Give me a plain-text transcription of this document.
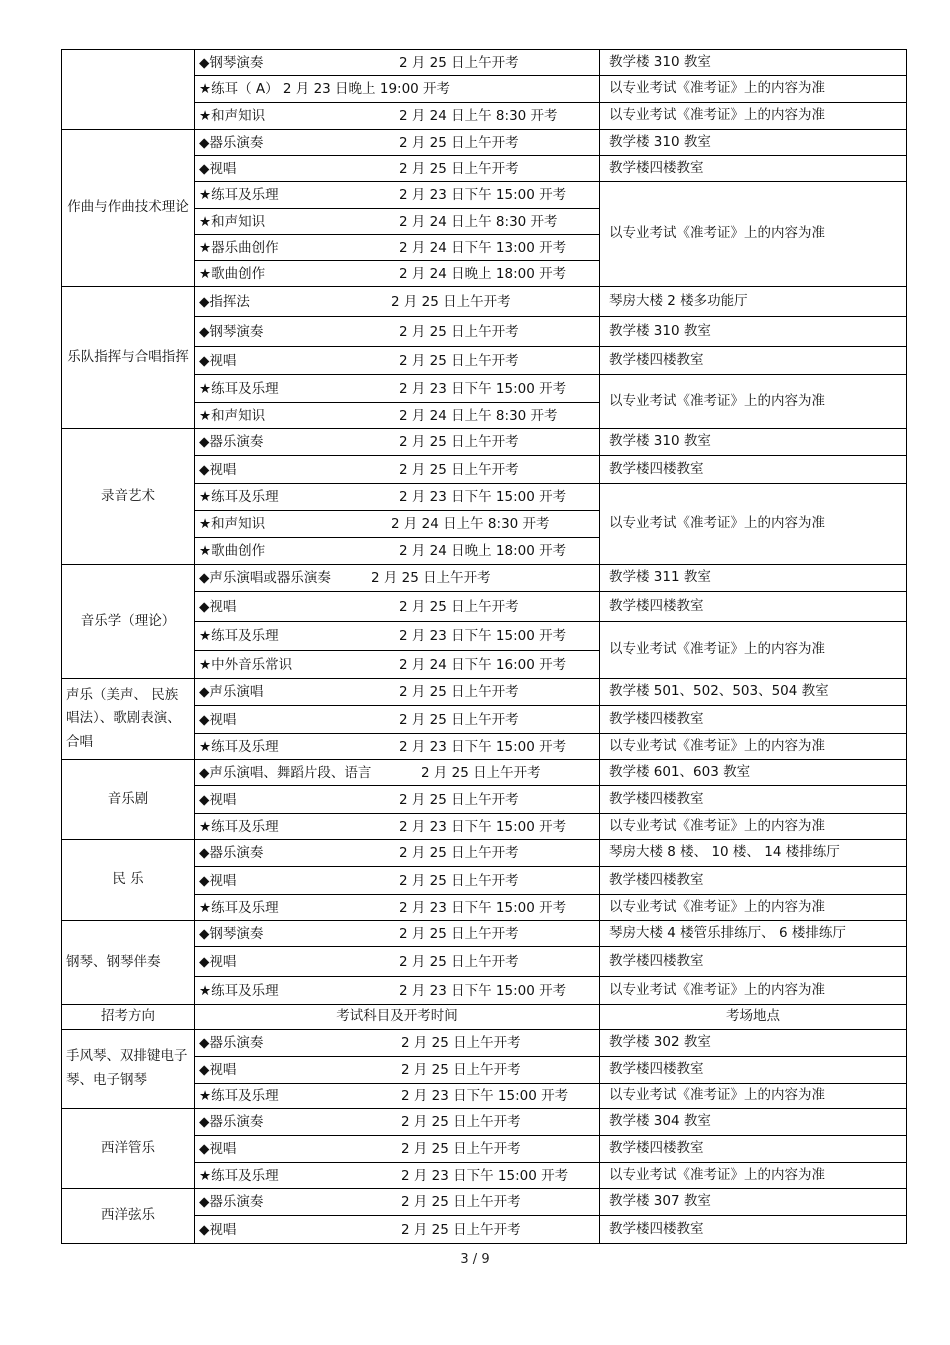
	◆钢琴演奏 2 月 25 日上午开考	教学楼 310 教室

	★练耳（ A） 2 月 23 日晚上 19:00 开考	以专业考试《准考证》上的内容为准

	★和声知识 2 月 24 日上午 8:30 开考	以专业考试《准考证》上的内容为准
作曲与作曲技术理论	◆器乐演奏 2 月 25 日上午开考	教学楼 310 教室

	◆视唱 2 月 25 日上午开考	教学楼四楼教室

	★练耳及乐理 2 月 23 日下午 15:00 开考	以专业考试《准考证》上的内容为准

	★和声知识 2 月 24 日上午 8:30 开考	

	★器乐曲创作 2 月 24 日下午 13:00 开考	

	★歌曲创作 2 月 24 日晚上 18:00 开考	

乐队指挥与合唱指挥	◆指挥法 2 月 25 日上午开考	琴房大楼 2 楼多功能厅

	◆钢琴演奏 2 月 25 日上午开考	教学楼 310 教室

	◆视唱 2 月 25 日上午开考	教学楼四楼教室

	★练耳及乐理 2 月 23 日下午 15:00 开考	以专业考试《准考证》上的内容为准

	★和声知识 2 月 24 日上午 8:30 开考	

录音艺术	◆器乐演奏 2 月 25 日上午开考	教学楼 310 教室

	◆视唱 2 月 25 日上午开考	教学楼四楼教室

	★练耳及乐理 2 月 23 日下午 15:00 开考	以专业考试《准考证》上的内容为准

	★和声知识 2 月 24 日上午 8:30 开考	

	★歌曲创作 2 月 24 日晚上 18:00 开考	

音乐学（理论）	◆声乐演唱或器乐演奏 2 月 25 日上午开考	教学楼 311 教室

	◆视唱 2 月 25 日上午开考	教学楼四楼教室

	★练耳及乐理 2 月 23 日下午 15:00 开考	以专业考试《准考证》上的内容为准

	★中外音乐常识 2 月 24 日下午 16:00 开考	

声乐（美声、 民族唱法）、歌剧表演、合唱	◆声乐演唱 2 月 25 日上午开考	教学楼 501、502、503、504 教室

	◆视唱 2 月 25 日上午开考	教学楼四楼教室

	★练耳及乐理 2 月 23 日下午 15:00 开考	以专业考试《准考证》上的内容为准
音乐剧	◆声乐演唱、舞蹈片段、语言 2 月 25 日上午开考	教学楼 601、603 教室

	◆视唱 2 月 25 日上午开考	教学楼四楼教室

	★练耳及乐理 2 月 23 日下午 15:00 开考	以专业考试《准考证》上的内容为准
民 乐	◆器乐演奏 2 月 25 日上午开考	琴房大楼 8 楼、 10 楼、 14 楼排练厅

	◆视唱 2 月 25 日上午开考	教学楼四楼教室

	★练耳及乐理 2 月 23 日下午 15:00 开考	以专业考试《准考证》上的内容为准
钢琴、钢琴伴奏	◆钢琴演奏 2 月 25 日上午开考	琴房大楼 4 楼管乐排练厅、 6 楼排练厅

	◆视唱 2 月 25 日上午开考	教学楼四楼教室

	★练耳及乐理 2 月 23 日下午 15:00 开考	以专业考试《准考证》上的内容为准
招考方向	考试科目及开考时间	考场地点
手风琴、双排键电子琴、电子钢琴	◆器乐演奏 2 月 25 日上午开考	教学楼 302 教室

	◆视唱 2 月 25 日上午开考	教学楼四楼教室

	★练耳及乐理 2 月 23 日下午 15:00 开考	以专业考试《准考证》上的内容为准
西洋管乐	◆器乐演奏 2 月 25 日上午开考	教学楼 304 教室

	◆视唱 2 月 25 日上午开考	教学楼四楼教室

	★练耳及乐理 2 月 23 日下午 15:00 开考	以专业考试《准考证》上的内容为准
西洋弦乐	◆器乐演奏 2 月 25 日上午开考	教学楼 307 教室

	◆视唱 2 月 25 日上午开考	教学楼四楼教室
3 / 9
